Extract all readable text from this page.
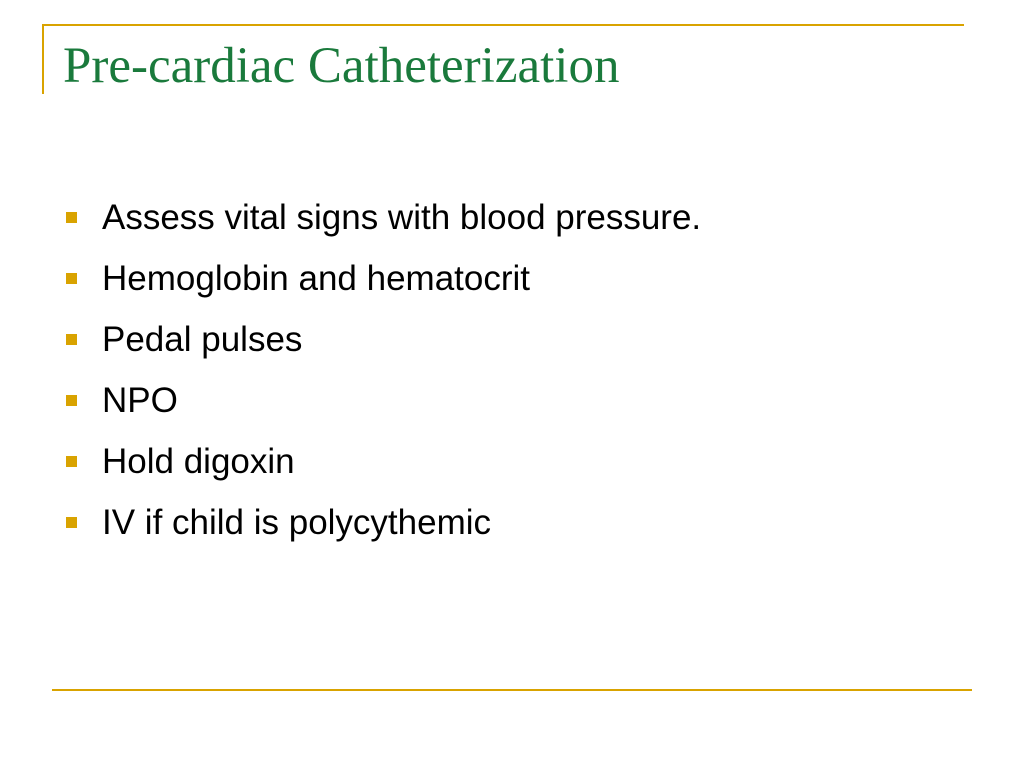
Pre-cardiac Catheterization
Assess vital signs with blood pressure.
Hemoglobin and hematocrit
Pedal pulses
NPO
Hold digoxin
IV if child is polycythemic
